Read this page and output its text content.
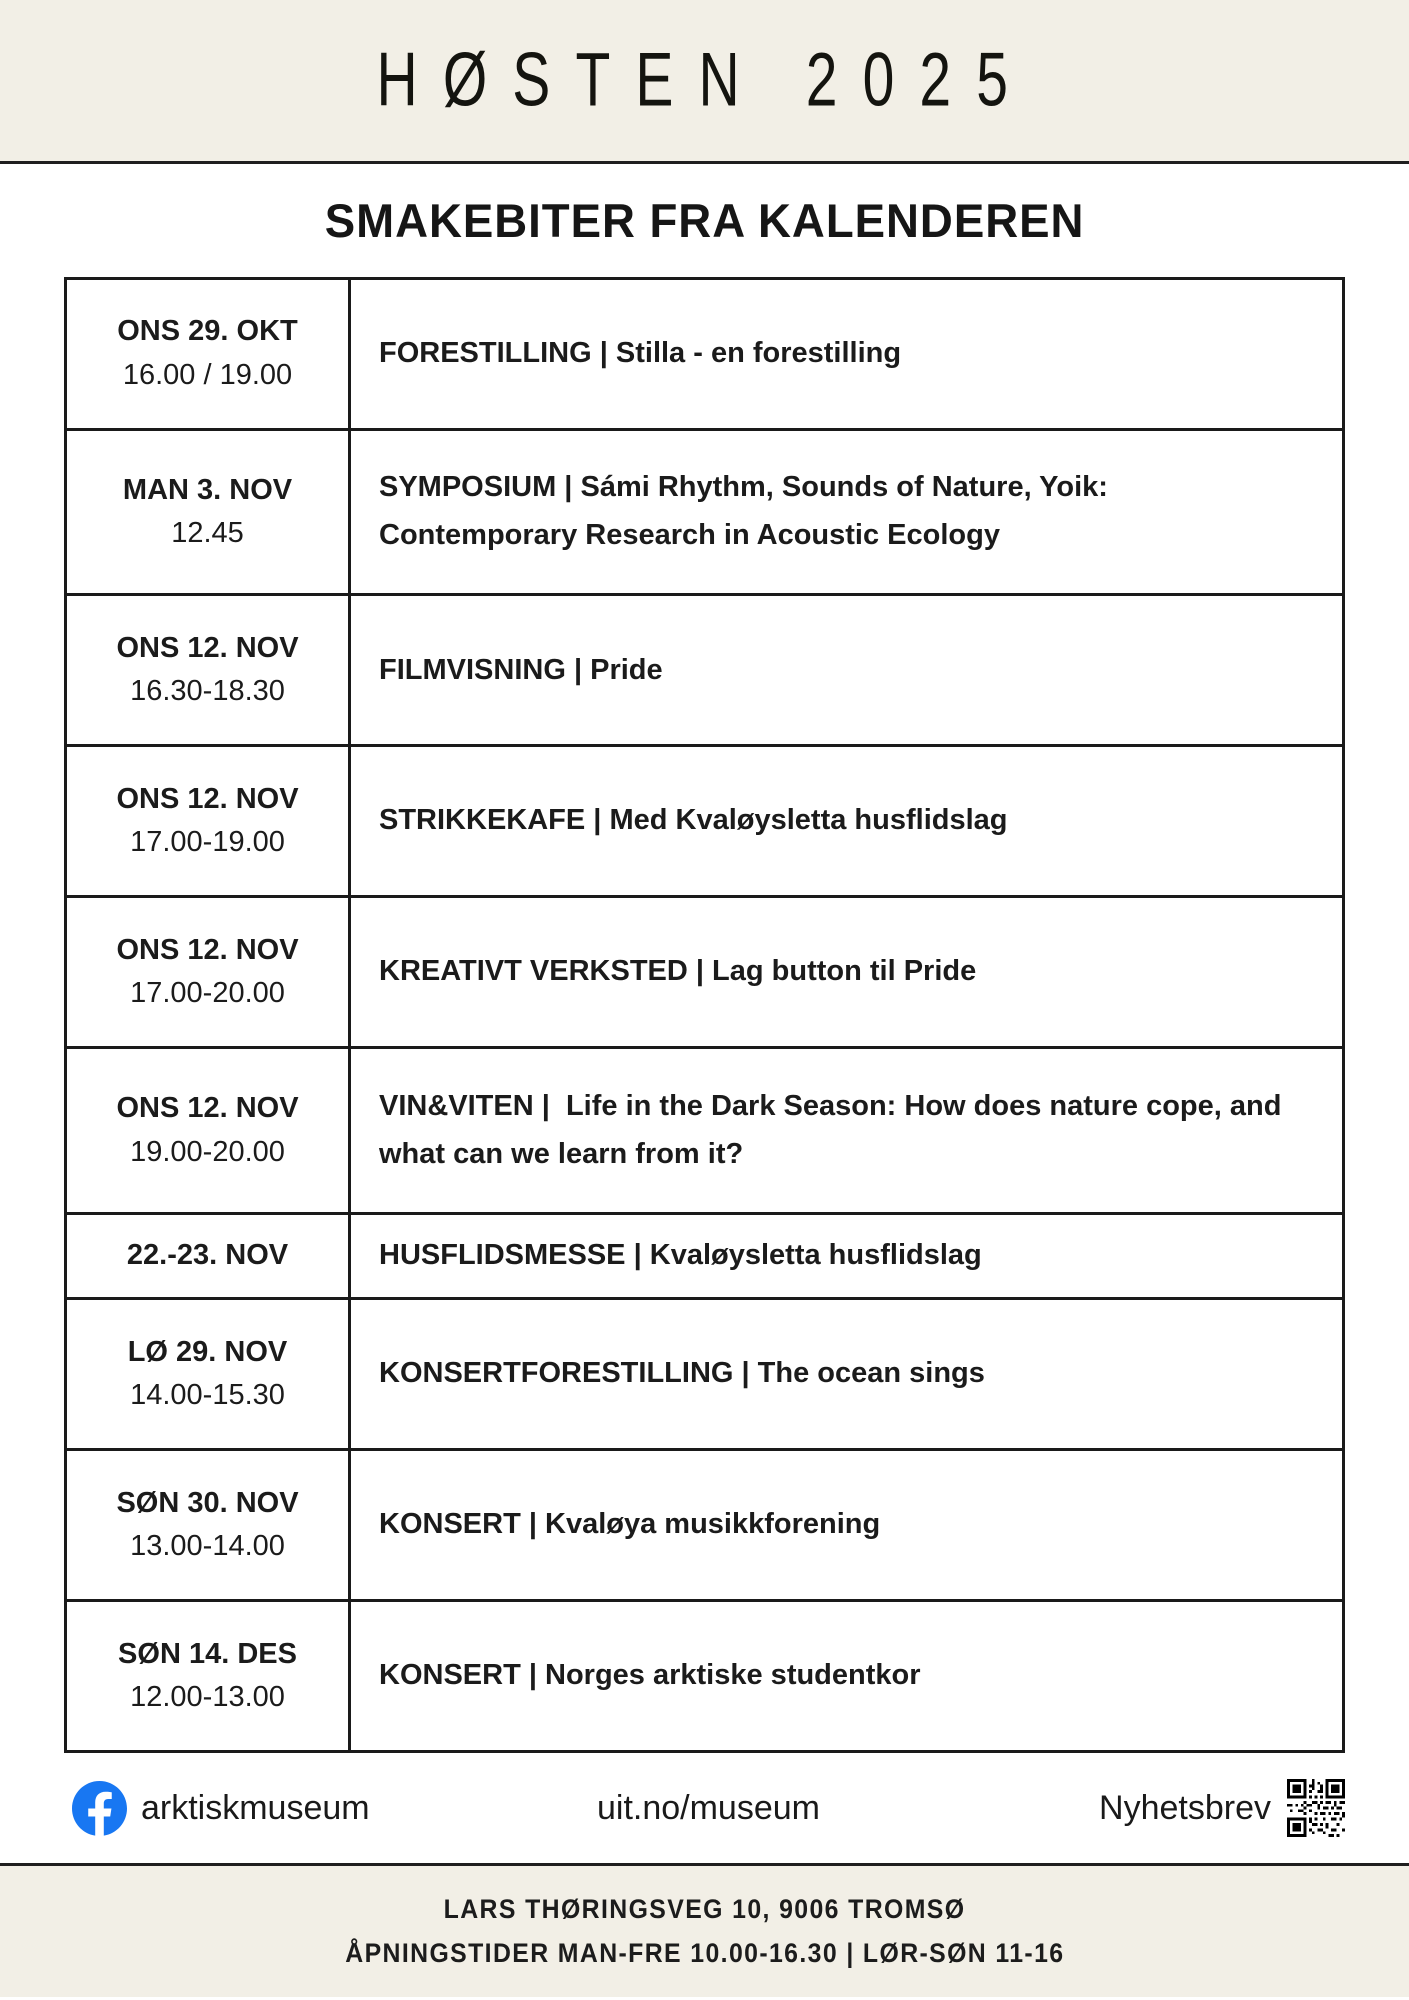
HØSTEN 2025
SMAKEBITER FRA KALENDEREN
ONS 29. OKT
16.00 / 19.00	FORESTILLING | Stilla - en forestilling

MAN 3. NOV
12.45	SYMPOSIUM | Sámi Rhythm, Sounds of Nature, Yoik: Contemporary Research in Acoustic Ecology

ONS 12. NOV
16.30-18.30	FILMVISNING | Pride

ONS 12. NOV
17.00-19.00	STRIKKEKAFE | Med Kvaløysletta husflidslag

ONS 12. NOV
17.00-20.00	KREATIVT VERKSTED | Lag button til Pride

ONS 12. NOV
19.00-20.00	VIN&VITEN |  Life in the Dark Season: How does nature cope, and what can we learn from it?

22.-23. NOV	HUSFLIDSMESSE | Kvaløysletta husflidslag

LØ 29. NOV
14.00-15.30	KONSERTFORESTILLING | The ocean sings

SØN 30. NOV
13.00-14.00	KONSERT | Kvaløya musikkforening

SØN 14. DES
12.00-13.00	KONSERT | Norges arktiske studentkor
arktiskmuseum	uit.no/museum	Nyhetsbrev
LARS THØRINGSVEG 10, 9006 TROMSØ
ÅPNINGSTIDER MAN-FRE 10.00-16.30 | LØR-SØN 11-16
